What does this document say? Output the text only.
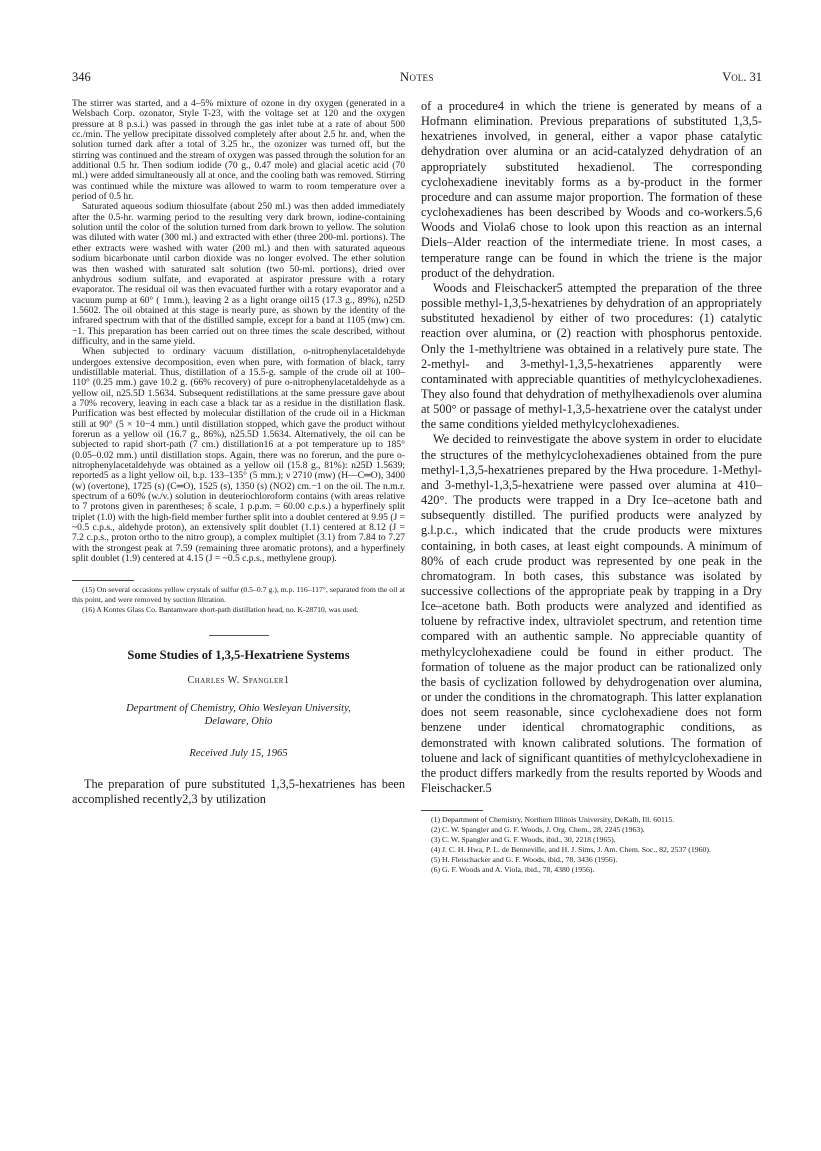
346	Notes	Vol. 31

The stirrer was started, and a 4–5% mixture of ozone in dry oxygen (generated in a Welsbach Corp. ozonator, Style T-23, with the voltage set at 120 and the oxygen pressure at 8 p.s.i.) was passed in through the gas inlet tube at a rate of about 500 cc./min. The yellow precipitate dissolved completely after about 2.5 hr. and, when the solution turned dark after a total of 3.25 hr., the ozonizer was turned off, but the stirring was continued and the stream of oxygen was passed through the solution for an additional 0.5 hr. Then sodium iodide (70 g., 0.47 mole) and glacial acetic acid (70 ml.) were added simultaneously all at once, and the cooling bath was removed. Stirring was continued while the mixture was allowed to warm to room temperature over a period of 0.5 hr.

Saturated aqueous sodium thiosulfate (about 250 ml.) was then added immediately after the 0.5-hr. warming period to the resulting very dark brown, iodine-containing solution until the color of the solution turned from dark brown to yellow. The solution was diluted with water (300 ml.) and extracted with ether (three 200-ml. portions). The ether extracts were washed with water (200 ml.) and then with saturated aqueous sodium bicarbonate until carbon dioxide was no longer evolved. The ether solution was then washed with saturated salt solution (two 50-ml. portions), dried over anhydrous sodium sulfate, and evaporated at aspirator pressure with a rotary evaporator. The residual oil was then evacuated further with a rotary evaporator and a vacuum pump at 60° ( 1mm.), leaving 2 as a light orange oil15 (17.3 g., 89%), n25D 1.5602. The oil obtained at this stage is nearly pure, as shown by the identity of the infrared spectrum with that of the distilled sample, except for a band at 1105 (mw) cm.−1. This preparation has been carried out on three times the scale described, without difficulty, and in the same yield.

When subjected to ordinary vacuum distillation, o-nitrophenylacetaldehyde undergoes extensive decomposition, even when pure, with formation of black, tarry undistillable material. Thus, distillation of a 15.5-g. sample of the crude oil at 100–110° (0.25 mm.) gave 10.2 g. (66% recovery) of pure o-nitrophenylacetaldehyde as a yellow oil, n25.5D 1.5634. Subsequent redistillations at the same pressure gave about a 70% recovery, leaving in each case a black tar as a residue in the distillation flask. Purification was best effected by molecular distillation of the crude oil in a Hickman still at 90° (5 × 10−4 mm.) until distillation stopped, which gave the product without forerun as a yellow oil (16.7 g., 86%), n25.5D 1.5634. Alternatively, the oil can be subjected to rapid short-path (7 cm.) distillation16 at a pot temperature up to 185° (0.05–0.02 mm.) until distillation stops. Again, there was no forerun, and the pure o-nitrophenylacetaldehyde was obtained as a yellow oil (15.8 g., 81%): n25D 1.5639; reported5 as a light yellow oil, b.p. 133–135° (5 mm.); ν 2710 (mw) (H—C═O), 3400 (w) (overtone), 1725 (s) (C═O), 1525 (s), 1350 (s) (NO2) cm.−1 on the oil. The n.m.r. spectrum of a 60% (w./v.) solution in deuteriochloroform contains (with areas relative to 7 protons given in parentheses; δ scale, 1 p.p.m. = 60.00 c.p.s.) a hyperfinely split triplet (1.0) with the high-field member further split into a doublet centered at 9.95 (J = ~0.5 c.p.s., aldehyde proton), an extensively split doublet (1.1) centered at 8.12 (J = 7.2 c.p.s., proton ortho to the nitro group), a complex multiplet (3.1) from 7.84 to 7.27 with the strongest peak at 7.59 (remaining three aromatic protons), and a hyperfinely split doublet (1.9) centered at 4.15 (J = ~0.5 c.p.s., methylene group).

(15) On several occasions yellow crystals of sulfur (0.5–0.7 g.), m.p. 116–117°, separated from the oil at this point, and were removed by suction filtration.

(16) A Kontes Glass Co. Bantamware short-path distillation head, no. K-28710, was used.

Some Studies of 1,3,5-Hexatriene Systems
Charles W. Spangler1
Department of Chemistry, Ohio Wesleyan University,
Delaware, Ohio
Received July 15, 1965

The preparation of pure substituted 1,3,5-hexatrienes has been accomplished recently2,3 by utilization

of a procedure4 in which the triene is generated by means of a Hofmann elimination. Previous preparations of substituted 1,3,5-hexatrienes involved, in general, either a vapor phase catalytic dehydration over alumina or an acid-catalyzed dehydration of an appropriately substituted hexadienol. The corresponding cyclohexadiene inevitably forms as a by-product in the former procedure and can assume major proportion. The formation of these cyclohexadienes has been described by Woods and co-workers.5,6 Woods and Viola6 chose to look upon this reaction as an internal Diels–Alder reaction of the intermediate triene. In most cases, a temperature range can be found in which the triene is the major product of the dehydration.

Woods and Fleischacker5 attempted the preparation of the three possible methyl-1,3,5-hexatrienes by dehydration of an appropriately substituted hexadienol by either of two procedures: (1) catalytic reaction over alumina, or (2) reaction with phosphorus pentoxide. Only the 1-methyltriene was obtained in a relatively pure state. The 2-methyl- and 3-methyl-1,3,5-hexatrienes apparently were contaminated with appreciable quantities of methylcyclohexadienes. They also found that dehydration of methylhexadienols over alumina at 500° or passage of methyl-1,3,5-hexatriene over the catalyst under the same conditions yielded methylcyclohexadienes.

We decided to reinvestigate the above system in order to elucidate the structures of the methylcyclohexadienes obtained from the pure methyl-1,3,5-hexatrienes prepared by the Hwa procedure. 1-Methyl- and 3-methyl-1,3,5-hexatriene were passed over alumina at 410–420°. The products were trapped in a Dry Ice–acetone bath and subsequently distilled. The purified products were analyzed by g.l.p.c., which indicated that the crude products were mixtures containing, in both cases, at least eight compounds. A minimum of 80% of each crude product was represented by one peak in the chromatogram. In both cases, this substance was isolated by successive collections of the appropriate peak by trapping in a Dry Ice–acetone bath. Both products were analyzed and identified as toluene by refractive index, ultraviolet spectrum, and retention time compared with an authentic sample. No appreciable quantity of methylcyclohexadiene could be found in either product. The formation of toluene as the major product can be rationalized only the basis of cyclization followed by dehydrogenation over alumina, or under the conditions in the chromatograph. This latter explanation does not seem reasonable, since cyclohexadiene does not form benzene under identical chromatographic conditions, as demonstrated with known calibrated solutions. The formation of toluene and lack of significant quantities of methylcyclohexadiene in the product differs markedly from the results reported by Woods and Fleischacker.5

(1) Department of Chemistry, Northern Illinois University, DeKalb, Ill. 60115.

(2) C. W. Spangler and G. F. Woods, J. Org. Chem., 28, 2245 (1963).

(3) C. W. Spangler and G. F. Woods, ibid., 30, 2218 (1965).

(4) J. C. H. Hwa, P. L. de Benneville, and H. J. Sims, J. Am. Chem. Soc., 82, 2537 (1960).

(5) H. Fleischacker and G. F. Woods, ibid., 78, 3436 (1956).

(6) G. F. Woods and A. Viola, ibid., 78, 4380 (1956).
